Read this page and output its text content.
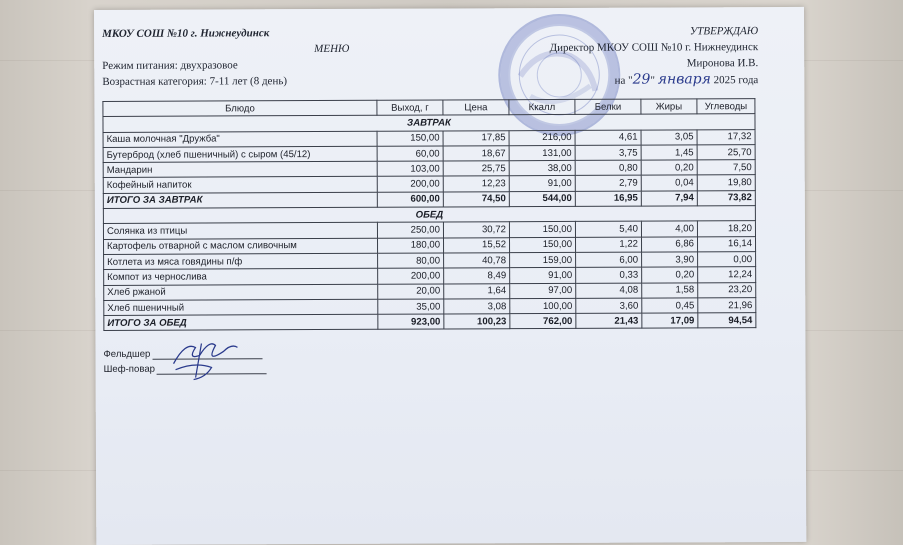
МКОУ СОШ №10 г. Нижнеудинск
МЕНЮ
Режим питания: двухразовое
Возрастная категория: 7-11 лет (8 день)
УТВЕРЖДАЮ
Директор МКОУ СОШ №10 г. Нижнеудинск
Миронова И.В.
на "29" января 2025 года
Блюдо	Выход, г	Цена	Ккалл	Белки	Жиры	Углеводы
ЗАВТРАК						
Каша молочная "Дружба"	150,00	17,85	216,00	4,61	3,05	17,32
Бутерброд (хлеб пшеничный) с сыром (45/12)	60,00	18,67	131,00	3,75	1,45	25,70
Мандарин	103,00	25,75	38,00	0,80	0,20	7,50
Кофейный напиток	200,00	12,23	91,00	2,79	0,04	19,80
ИТОГО ЗА ЗАВТРАК	600,00	74,50	544,00	16,95	7,94	73,82
ОБЕД						
Солянка из птицы	250,00	30,72	150,00	5,40	4,00	18,20
Картофель отварной с маслом сливочным	180,00	15,52	150,00	1,22	6,86	16,14
Котлета из мяса говядины п/ф	80,00	40,78	159,00	6,00	3,90	0,00
Компот из чернослива	200,00	8,49	91,00	0,33	0,20	12,24
Хлеб ржаной	20,00	1,64	97,00	4,08	1,58	23,20
Хлеб пшеничный	35,00	3,08	100,00	3,60	0,45	21,96
ИТОГО ЗА ОБЕД	923,00	100,23	762,00	21,43	17,09	94,54
Фельдшер
Шеф-повар
